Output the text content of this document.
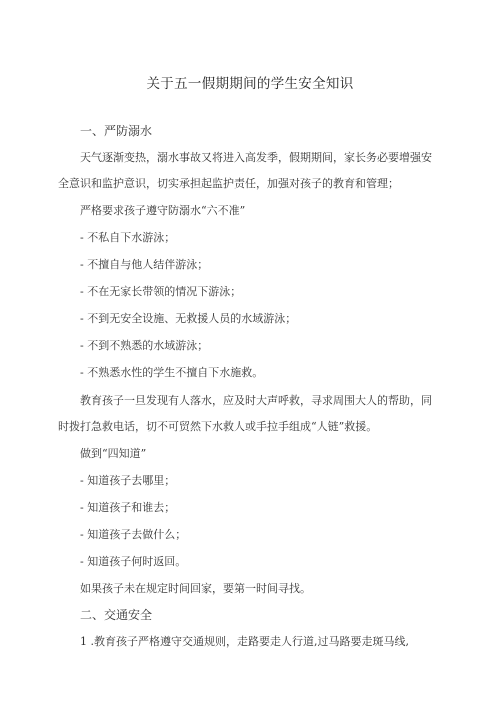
关于五一假期期间的学生安全知识
一、严防溺水
天气逐渐变热，溺水事故又将进入高发季，假期期间，家长务必要增强安
全意识和监护意识，切实承担起监护责任，加强对孩子的教育和管理；
严格要求孩子遵守防溺水“六不准”
- 不私自下水游泳；
- 不擅自与他人结伴游泳；
- 不在无家长带领的情况下游泳；
- 不到无安全设施、无救援人员的水域游泳；
- 不到不熟悉的水域游泳；
- 不熟悉水性的学生不擅自下水施救。
教育孩子一旦发现有人落水，应及时大声呼救，寻求周围大人的帮助，同
时拨打急救电话，切不可贸然下水救人或手拉手组成“人链”救援。
做到“四知道”
- 知道孩子去哪里；
- 知道孩子和谁去；
- 知道孩子去做什么；
- 知道孩子何时返回。
如果孩子未在规定时间回家，要第一时间寻找。
二、交通安全
1 .教育孩子严格遵守交通规则，走路要走人行道,过马路要走斑马线,
